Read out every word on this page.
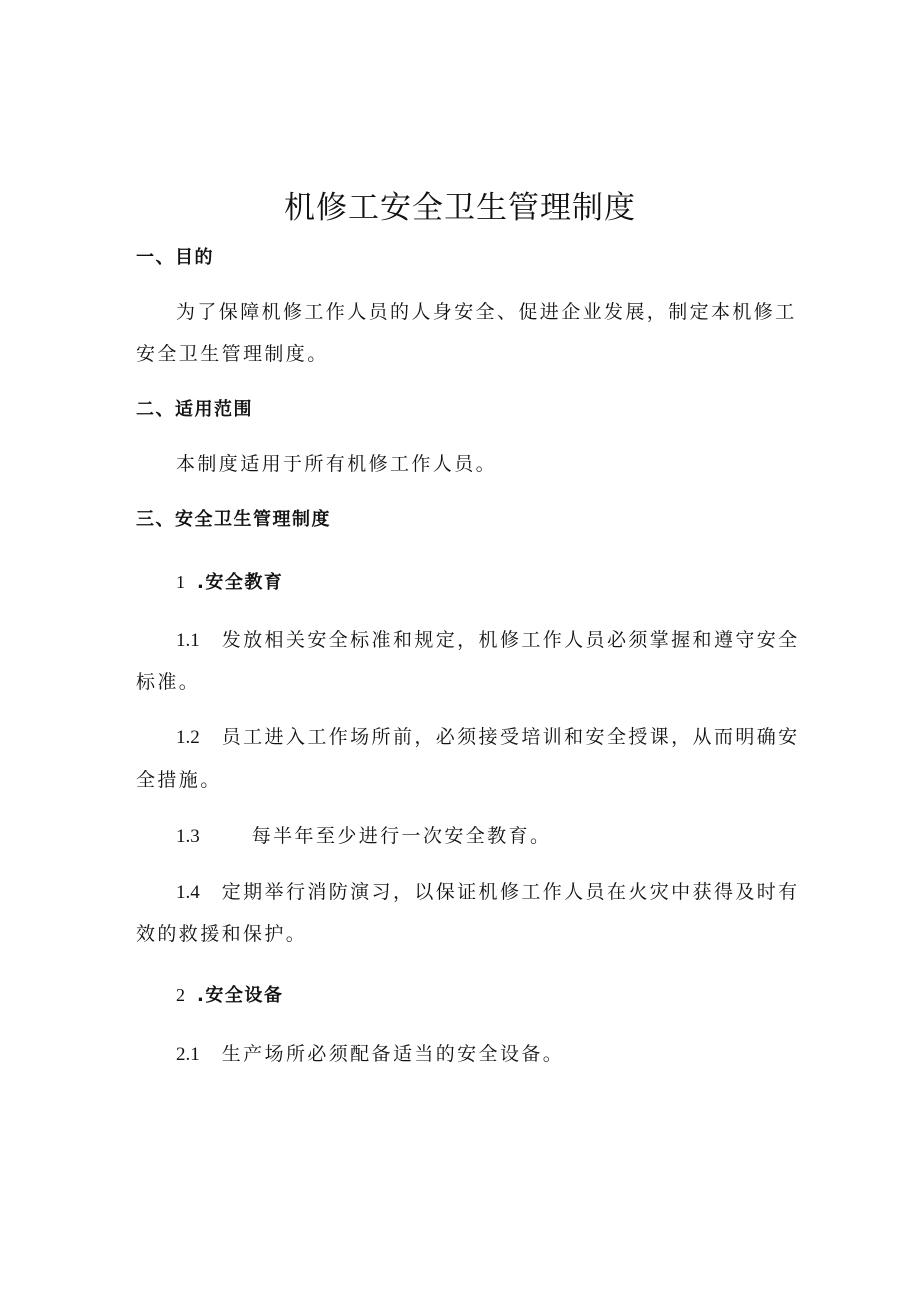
机修工安全卫生管理制度

一、目的

为了保障机修工作人员的人身安全、促进企业发展，制定本机修工

安全卫生管理制度。

二、适用范围

本制度适用于所有机修工作人员。

三、安全卫生管理制度

1 .安全教育

1.1 发放相关安全标准和规定，机修工作人员必须掌握和遵守安全

标准。

1.2 员工进入工作场所前，必须接受培训和安全授课，从而明确安

全措施。

1.3	每半年至少进行一次安全教育。

1.4 定期举行消防演习，以保证机修工作人员在火灾中获得及时有

效的救援和保护。

2 .安全设备

2.1 生产场所必须配备适当的安全设备。
